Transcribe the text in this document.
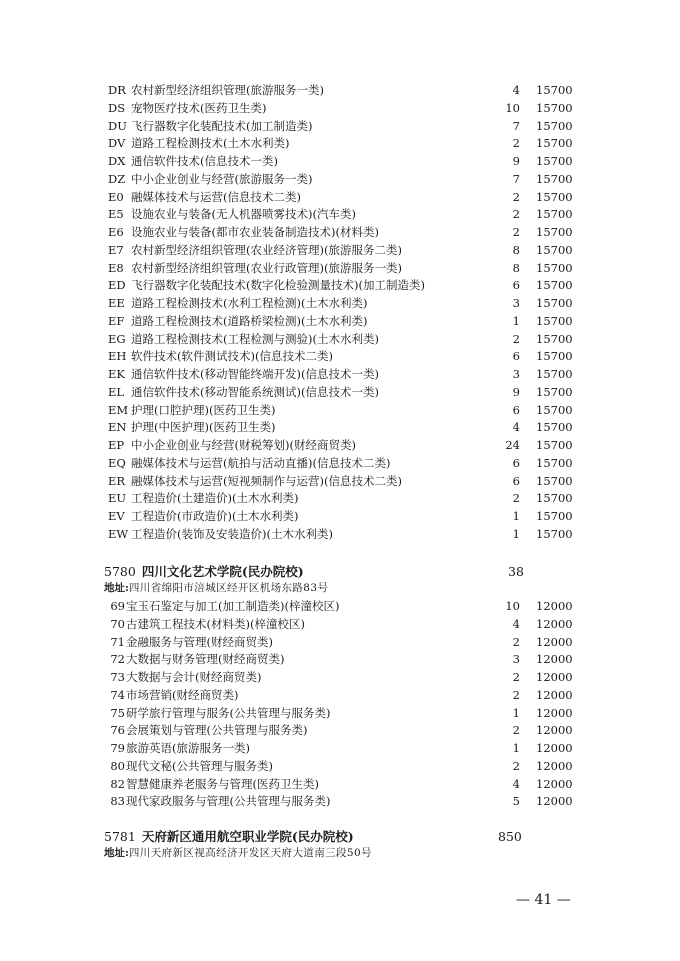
DR 农村新型经济组织管理(旅游服务一类)	4 15700
DS 宠物医疗技术(医药卫生类)	10 15700
DU 飞行器数字化装配技术(加工制造类)	7 15700
DV 道路工程检测技术(土木水利类)	2 15700
DX 通信软件技术(信息技术一类)	9 15700
DZ 中小企业创业与经营(旅游服务一类)	7 15700
E0 融媒体技术与运营(信息技术二类)	2 15700
E5 设施农业与装备(无人机器喷雾技术)(汽车类)	2 15700
E6 设施农业与装备(都市农业装备制造技术)(材料类)	2 15700
E7 农村新型经济组织管理(农业经济管理)(旅游服务二类)	8 15700
E8 农村新型经济组织管理(农业行政管理)(旅游服务一类)	8 15700
ED 飞行器数字化装配技术(数字化检验测量技术)(加工制造类)	6 15700
EE 道路工程检测技术(水利工程检测)(土木水利类)	3 15700
EF 道路工程检测技术(道路桥梁检测)(土木水利类)	1 15700
EG 道路工程检测技术(工程检测与测验)(土木水利类)	2 15700
EH 软件技术(软件测试技术)(信息技术二类)	6 15700
EK 通信软件技术(移动智能终端开发)(信息技术一类)	3 15700
EL 通信软件技术(移动智能系统测试)(信息技术一类)	9 15700
EM 护理(口腔护理)(医药卫生类)	6 15700
EN 护理(中医护理)(医药卫生类)	4 15700
EP 中小企业创业与经营(财税筹划)(财经商贸类)	24 15700
EQ 融媒体技术与运营(航拍与活动直播)(信息技术二类)	6 15700
ER 融媒体技术与运营(短视频制作与运营)(信息技术二类)	6 15700
EU 工程造价(土建造价)(土木水利类)	2 15700
EV 工程造价(市政造价)(土木水利类)	1 15700
EW 工程造价(装饰及安装造价)(土木水利类)	1 15700
5780 四川文化艺术学院(民办院校)	38
地址:四川省绵阳市涪城区经开区机场东路83号
69 宝玉石鉴定与加工(加工制造类)(梓潼校区)	10 12000
70 古建筑工程技术(材料类)(梓潼校区)	4 12000
71 金融服务与管理(财经商贸类)	2 12000
72 大数据与财务管理(财经商贸类)	3 12000
73 大数据与会计(财经商贸类)	2 12000
74 市场营销(财经商贸类)	2 12000
75 研学旅行管理与服务(公共管理与服务类)	1 12000
76 会展策划与管理(公共管理与服务类)	2 12000
79 旅游英语(旅游服务一类)	1 12000
80 现代文秘(公共管理与服务类)	2 12000
82 智慧健康养老服务与管理(医药卫生类)	4 12000
83 现代家政服务与管理(公共管理与服务类)	5 12000
5781 天府新区通用航空职业学院(民办院校)	850
地址:四川天府新区视高经济开发区天府大道南三段50号
— 41 —
